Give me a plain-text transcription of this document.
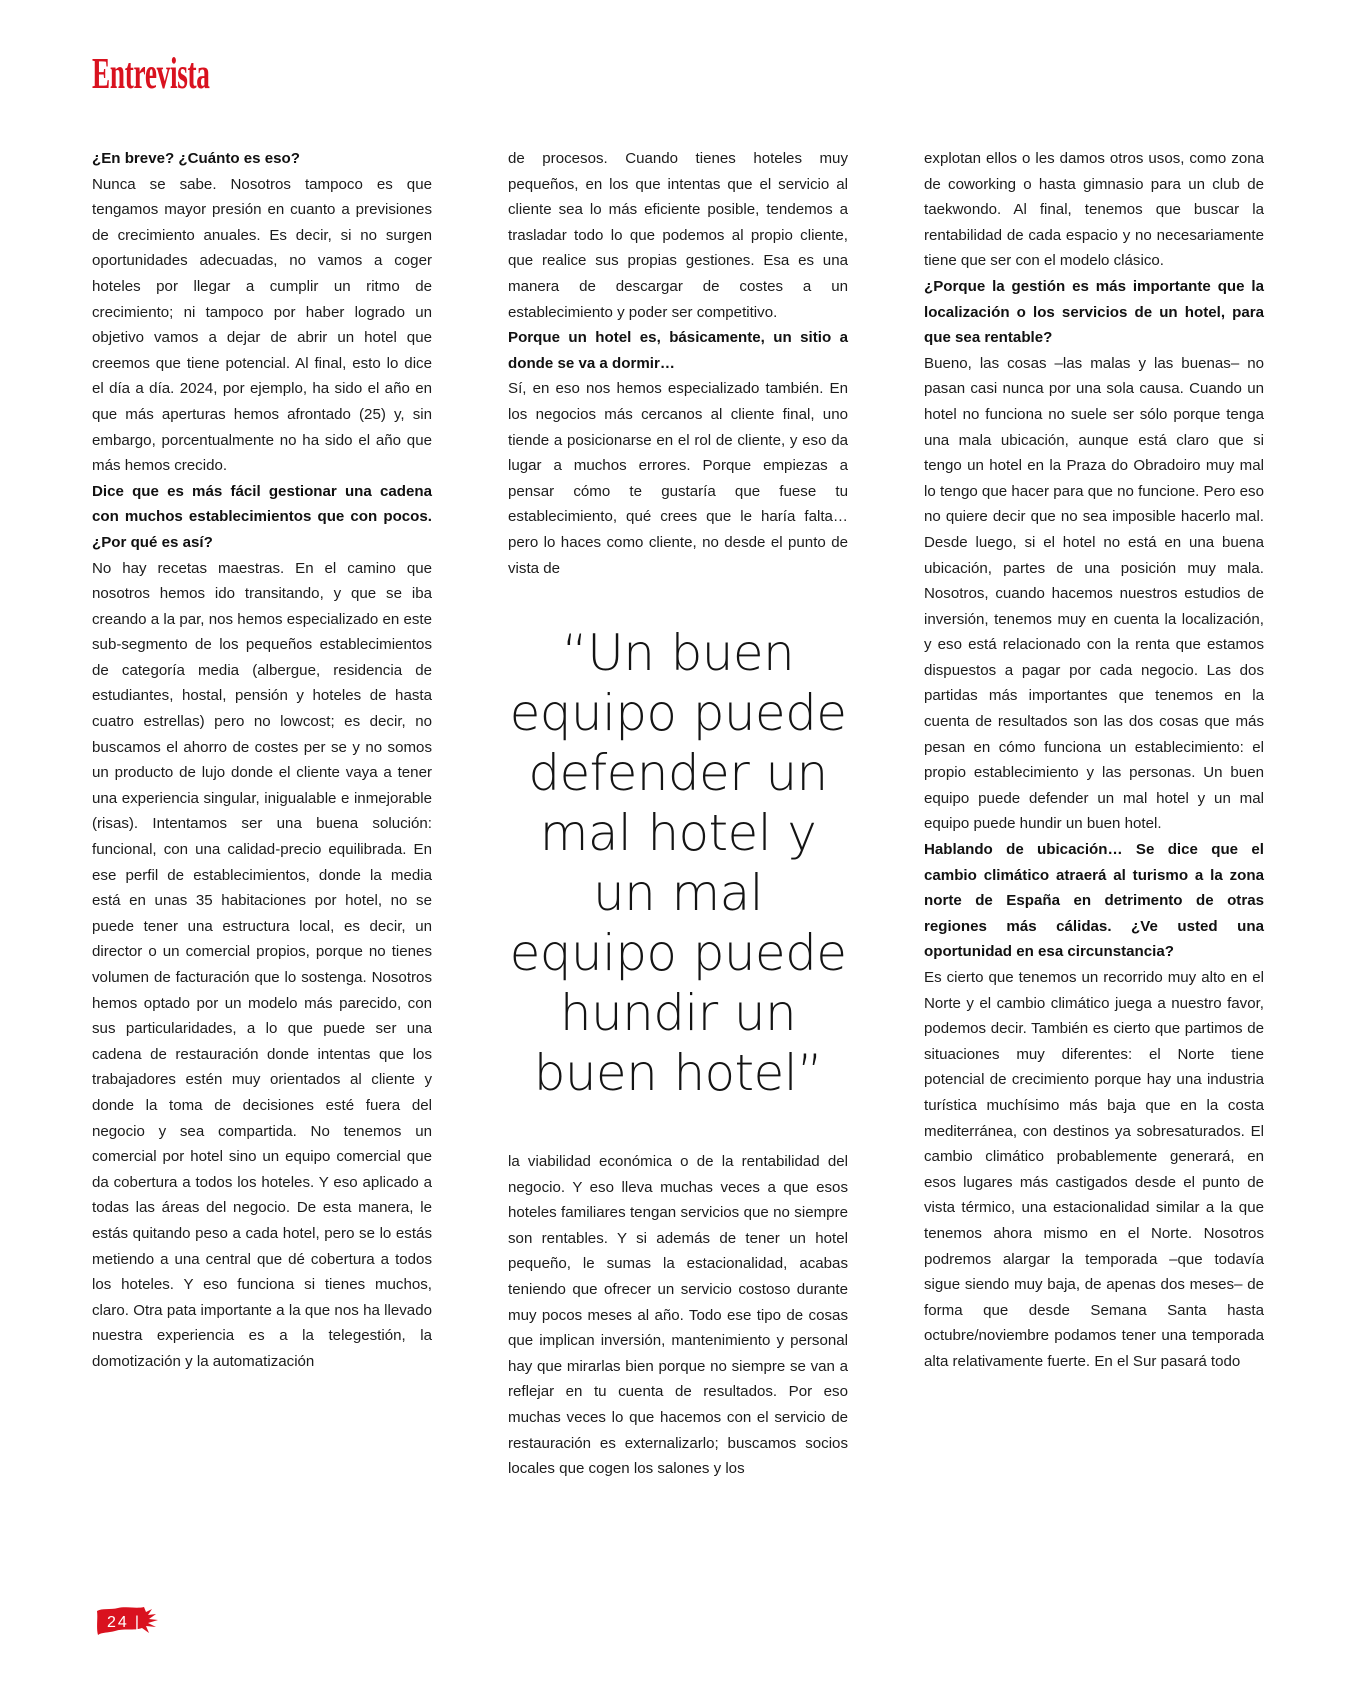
Entrevista

¿En breve? ¿Cuánto es eso?

Nunca se sabe. Nosotros tampoco es que tengamos mayor presión en cuanto a previsiones de crecimiento anuales. Es decir, si no surgen oportunidades adecuadas, no vamos a coger hoteles por llegar a cumplir un ritmo de crecimiento; ni tampoco por haber logrado un objetivo vamos a dejar de abrir un hotel que creemos que tiene potencial. Al final, esto lo dice el día a día. 2024, por ejemplo, ha sido el año en que más aperturas hemos afrontado (25) y, sin embargo, porcentualmente no ha sido el año que más hemos crecido.

Dice que es más fácil gestionar una cadena con muchos establecimientos que con pocos. ¿Por qué es así?

No hay recetas maestras. En el camino que nosotros hemos ido transitando, y que se iba creando a la par, nos hemos especializado en este sub-segmento de los pequeños establecimientos de categoría media (albergue, residencia de estudiantes, hostal, pensión y hoteles de hasta cuatro estrellas) pero no lowcost; es decir, no buscamos el ahorro de costes per se y no somos un producto de lujo donde el cliente vaya a tener una experiencia singular, inigualable e inmejorable (risas). Intentamos ser una buena solución: funcional, con una calidad-precio equilibrada. En ese perfil de establecimientos, donde la media está en unas 35 habitaciones por hotel, no se puede tener una estructura local, es decir, un director o un comercial propios, porque no tienes volumen de facturación que lo sostenga. Nosotros hemos optado por un modelo más parecido, con sus particularidades, a lo que puede ser una cadena de restauración donde intentas que los trabajadores estén muy orientados al cliente y donde la toma de decisiones esté fuera del negocio y sea compartida. No tenemos un comercial por hotel sino un equipo comercial que da cobertura a todos los hoteles. Y eso aplicado a todas las áreas del negocio. De esta manera, le estás quitando peso a cada hotel, pero se lo estás metiendo a una central que dé cobertura a todos los hoteles. Y eso funciona si tienes muchos, claro. Otra pata importante a la que nos ha llevado nuestra experiencia es a la telegestión, la domotización y la automatización

de procesos. Cuando tienes hoteles muy pequeños, en los que intentas que el servicio al cliente sea lo más eficiente posible, tendemos a trasladar todo lo que podemos al propio cliente, que realice sus propias gestiones. Esa es una manera de descargar de costes a un establecimiento y poder ser competitivo.

Porque un hotel es, básicamente, un sitio a donde se va a dormir…

Sí, en eso nos hemos especializado también. En los negocios más cercanos al cliente final, uno tiende a posicionarse en el rol de cliente, y eso da lugar a muchos errores. Porque empiezas a pensar cómo te gustaría que fuese tu establecimiento, qué crees que le haría falta… pero lo haces como cliente, no desde el punto de vista de

“Un buen equipo puede defender un mal hotel y un mal equipo puede hundir un buen hotel”

la viabilidad económica o de la rentabilidad del negocio. Y eso lleva muchas veces a que esos hoteles familiares tengan servicios que no siempre son rentables. Y si además de tener un hotel pequeño, le sumas la estacionalidad, acabas teniendo que ofrecer un servicio costoso durante muy pocos meses al año. Todo ese tipo de cosas que implican inversión, mantenimiento y personal hay que mirarlas bien porque no siempre se van a reflejar en tu cuenta de resultados. Por eso muchas veces lo que hacemos con el servicio de restauración es externalizarlo; buscamos socios locales que cogen los salones y los

explotan ellos o les damos otros usos, como zona de coworking o hasta gimnasio para un club de taekwondo. Al final, tenemos que buscar la rentabilidad de cada espacio y no necesariamente tiene que ser con el modelo clásico.

¿Porque la gestión es más importante que la localización o los servicios de un hotel, para que sea rentable?

Bueno, las cosas –las malas y las buenas– no pasan casi nunca por una sola causa. Cuando un hotel no funciona no suele ser sólo porque tenga una mala ubicación, aunque está claro que si tengo un hotel en la Praza do Obradoiro muy mal lo tengo que hacer para que no funcione. Pero eso no quiere decir que no sea imposible hacerlo mal. Desde luego, si el hotel no está en una buena ubicación, partes de una posición muy mala. Nosotros, cuando hacemos nuestros estudios de inversión, tenemos muy en cuenta la localización, y eso está relacionado con la renta que estamos dispuestos a pagar por cada negocio. Las dos partidas más importantes que tenemos en la cuenta de resultados son las dos cosas que más pesan en cómo funciona un establecimiento: el propio establecimiento y las personas. Un buen equipo puede defender un mal hotel y un mal equipo puede hundir un buen hotel.

Hablando de ubicación… Se dice que el cambio climático atraerá al turismo a la zona norte de España en detrimento de otras regiones más cálidas. ¿Ve usted una oportunidad en esa circunstancia?

Es cierto que tenemos un recorrido muy alto en el Norte y el cambio climático juega a nuestro favor, podemos decir. También es cierto que partimos de situaciones muy diferentes: el Norte tiene potencial de crecimiento porque hay una industria turística muchísimo más baja que en la costa mediterránea, con destinos ya sobresaturados. El cambio climático probablemente generará, en esos lugares más castigados desde el punto de vista térmico, una estacionalidad similar a la que tenemos ahora mismo en el Norte. Nosotros podremos alargar la temporada –que todavía sigue siendo muy baja, de apenas dos meses– de forma que desde Semana Santa hasta octubre/noviembre podamos tener una temporada alta relativamente fuerte. En el Sur pasará todo

24 |
